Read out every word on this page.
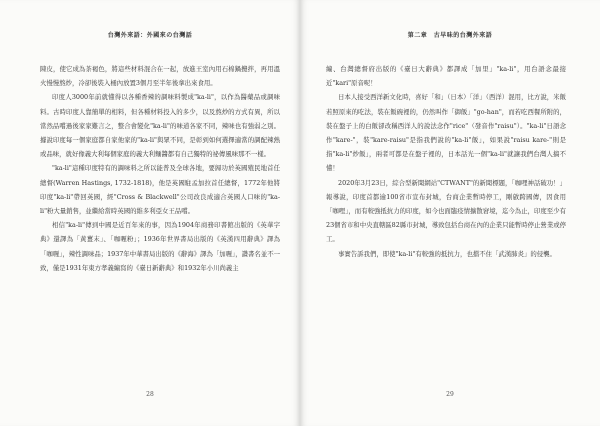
台灣外來語：外國來の台灣話

陳皮，使它成為茶褐色，將這些材料混合在一起，放進王室內用石棉鍋攪拌，再用溫火慢慢熬炒，冷卻後裝入桶內放置3個月至半年後拿出來食用。

印度人3000年前就懂得以各種香辣的調味料製成"ka-li"，以作為醫藥品或調味料。古時印度人靠簡單的相料，但各種材料投入的多少，以及熬炒的方式有異，所以當然品嚐過後家家難言之，整合會變化"ka-li"的味道各家不同，辣味也有強弱之別。據說印度每一個家庭都自家他家的"ka-li"與眾不同，是彰到如何選擇適當的調配辣熱或品味，就好像義大利每個家庭的義大利麵醬都有自己獨特的祕傳風味那不一樣。

"ka-li"這種印度特有的調味料之所以能普及全球各地，要歸功於英國殖民地首任總督(Warren Hastings, 1732-1818)，他是英國駐孟加拉首任總督，1772年他將印度"ka-li"帶回英國，經"Cross & Blackwell"公司改良成適合英國人口味的"ka-li"粉大量銷售，並繼給當時英國的維多利亞女王品嚐。

相信"ka-li"傳到中國是近百年來的事，因為1904年商務印書館出版的《英華字典》還譯為「黃薑末」、「咖喱粉」；1936年世界書局出版的《英漢四用辭典》譯為「咖喱」，辣性調味品；1937年中華書局出版的《辭海》譯為「加喱」，讚書名並不一致，僅是1931年東方孝義編寫的《臺日新辭典》和1932年小川尚義主

28
第二章　古早味的台灣外來語

編、台灣總督府出版的《臺日大辭典》都譯成「加里」"ka-li"，用台語念最接近"kari"原音呢！

日本人接受西洋新文化時，喜好「和」（日本）「洋」（西洋）混用，比方說，米飯若照原來的吃法，裝在飯碗裡的，仍然叫作「御飯」"go-han"，而若吃西餐所附的，裝在盤子上的白飯卻改稱西洋人的說法念作"rice"（發音作"raisu"）。"ka-li"日語念作"kare-"，裝"kare-raisu"是指我們說的"ka-li"飯」，如果說"raisu kare-"則是指"ka-li"炒飯」，兩者可都是在盤子裡的，日本話光一個"ka-li"就讓我們台灣人搞不懂！

2020年3月23日，綜合型新聞網站"CTWANT"的新聞標題，「咖哩神話破功！」報導說，印度首都逾100省市宣布封城，台商企業暫時停工，剛啟跨國傳，因食用「咖哩」，而有較強抵抗力的印度，如今也面臨疫情擴散窘境，迄今為止，印度至少有23個省市和中央直轄區82縣市封城，導致包括台商在內的企業只能暫時停止營業或停工。

事實告訴我們，即使"ka-li"有較強的抵抗力，也擋不住「武漢肺炎」的侵襲。

29
